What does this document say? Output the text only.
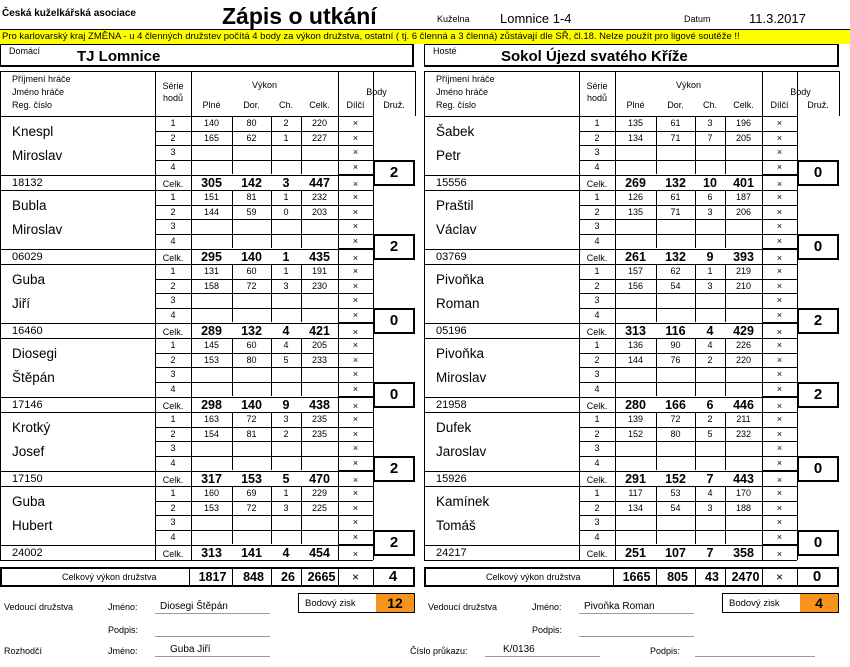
Česká kuželkářská asociace	Zápis o utkání	Kuželna Lomnice 1-4	Datum	11.3.2017
Pro karlovarský kraj ZMĚNA - u 4 členných družstev počítá 4 body za výkon družstva, ostatní ( tj. 6 členná a 3 členná) zůstávají dle SŘ, čl.18. Nelze použít pro ligové soutěže !!
Domácí TJ Lomnice	Hosté	Sokol Újezd svatého Kříže
Příjmení hráče
Jméno hráče
Reg. číslo
Série
hodů
Výkon
Plné	Dor.	Ch.	Celk.
Body
Dílčí	Druž.
Knespl
Miroslav
18132
1	140	80	2	220	×
2	165	62	1	227	×
3	×
4	×
Celk.	305	142	3	447	×
2
Bubla
Miroslav
06029
1	151	81	1	232	×
2	144	59	0	203	×
3	×
4	×
Celk.	295	140	1	435	×
2
Guba
Jiří
16460
1	131	60	1	191	×
2	158	72	3	230	×
3	×
4	×
Celk.	289	132	4	421	×
0
Diosegi
Štěpán
17146
1	145	60	4	205	×
2	153	80	5	233	×
3	×
4	×
Celk.	298	140	9	438	×
0
Krotký
Josef
17150
1	163	72	3	235	×
2	154	81	2	235	×
3	×
4	×
Celk.	317	153	5	470	×
2
Guba
Hubert
24002
1	160	69	1	229	×
2	153	72	3	225	×
3	×
4	×
Celk.	313	141	4	454	×
2
Příjmení hráče
Jméno hráče
Reg. číslo
Série
hodů
Výkon
Plné	Dor.	Ch.	Celk.
Body
Dílčí	Druž.
Šabek
Petr
15556
1	135	61	3	196	×
2	134	71	7	205	×
3	×
4	×
Celk.	269	132	10	401	×
0
Praštil
Václav
03769
1	126	61	6	187	×
2	135	71	3	206	×
3	×
4	×
Celk.	261	132	9	393	×
0
Pivoňka
Roman
05196
1	157	62	1	219	×
2	156	54	3	210	×
3	×
4	×
Celk.	313	116	4	429	×
2
Pivoňka
Miroslav
21958
1	136	90	4	226	×
2	144	76	2	220	×
3	×
4	×
Celk.	280	166	6	446	×
2
Dufek
Jaroslav
15926
1	139	72	2	211	×
2	152	80	5	232	×
3	×
4	×
Celk.	291	152	7	443	×
0
Kamínek
Tomáš
24217
1	117	53	4	170	×
2	134	54	3	188	×
3	×
4	×
Celk.	251	107	7	358	×
0
Celkový výkon družstva	1817	848	26	2665	×	4	Celkový výkon družstva	1665	805	43	2470	×	0
Vedoucí družstva	Jméno: Diosegi Štěpán
Podpis:
Bodový zisk	12	Vedoucí družstva	Jméno: Pivoňka Roman
Podpis:
Bodový zisk	4
Rozhodčí	Jméno:	Guba Jiří	Číslo průkazu:	K/0136	Podpis:
